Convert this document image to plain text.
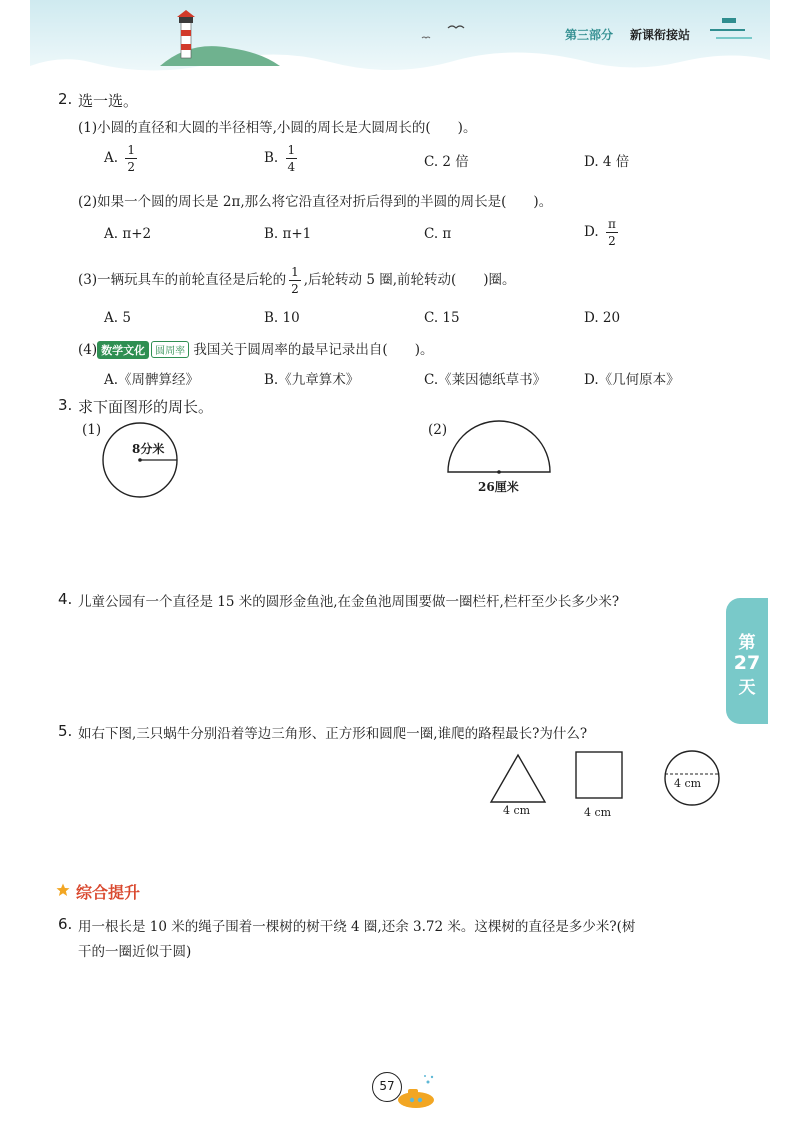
第三部分 新课衔接站
2. 选一选。
(1)小圆的直径和大圆的半径相等,小圆的周长是大圆周长的(　　)。
A. $\frac{1}{2}$	B. $\frac{1}{4}$	C. 2 倍	D. 4 倍
(2)如果一个圆的周长是 2π,那么将它沿直径对折后得到的半圆的周长是(　　)。
A. π+2	B. π+1	C. π	D. $\frac{\pi}{2}$
(3)一辆玩具车的前轮直径是后轮的 $\frac{1}{2}$ ,后轮转动 5 圈,前轮转动(　　)圈。
A. 5	B. 10	C. 15	D. 20
(4) 数学文化 圆周率 我国关于圆周率的最早记录出自(　　)。
A.《周髀算经》	B.《九章算术》	C.《莱因德纸草书》	D.《几何原本》
3. 求下面图形的周长。
(1)
8分米
(2)
26厘米
4. 儿童公园有一个直径是 15 米的圆形金鱼池,在金鱼池周围要做一圈栏杆,栏杆至少长多少米?
第
27
天
5. 如右下图,三只蜗牛分别沿着等边三角形、正方形和圆爬一圈,谁爬的路程最长?为什么?
4 cm	4 cm
4 cm
综合提升
6. 用一根长是 10 米的绳子围着一棵树的树干绕 4 圈,还余 3.72 米。这棵树的直径是多少米?(树
干的一圈近似于圆)
57
